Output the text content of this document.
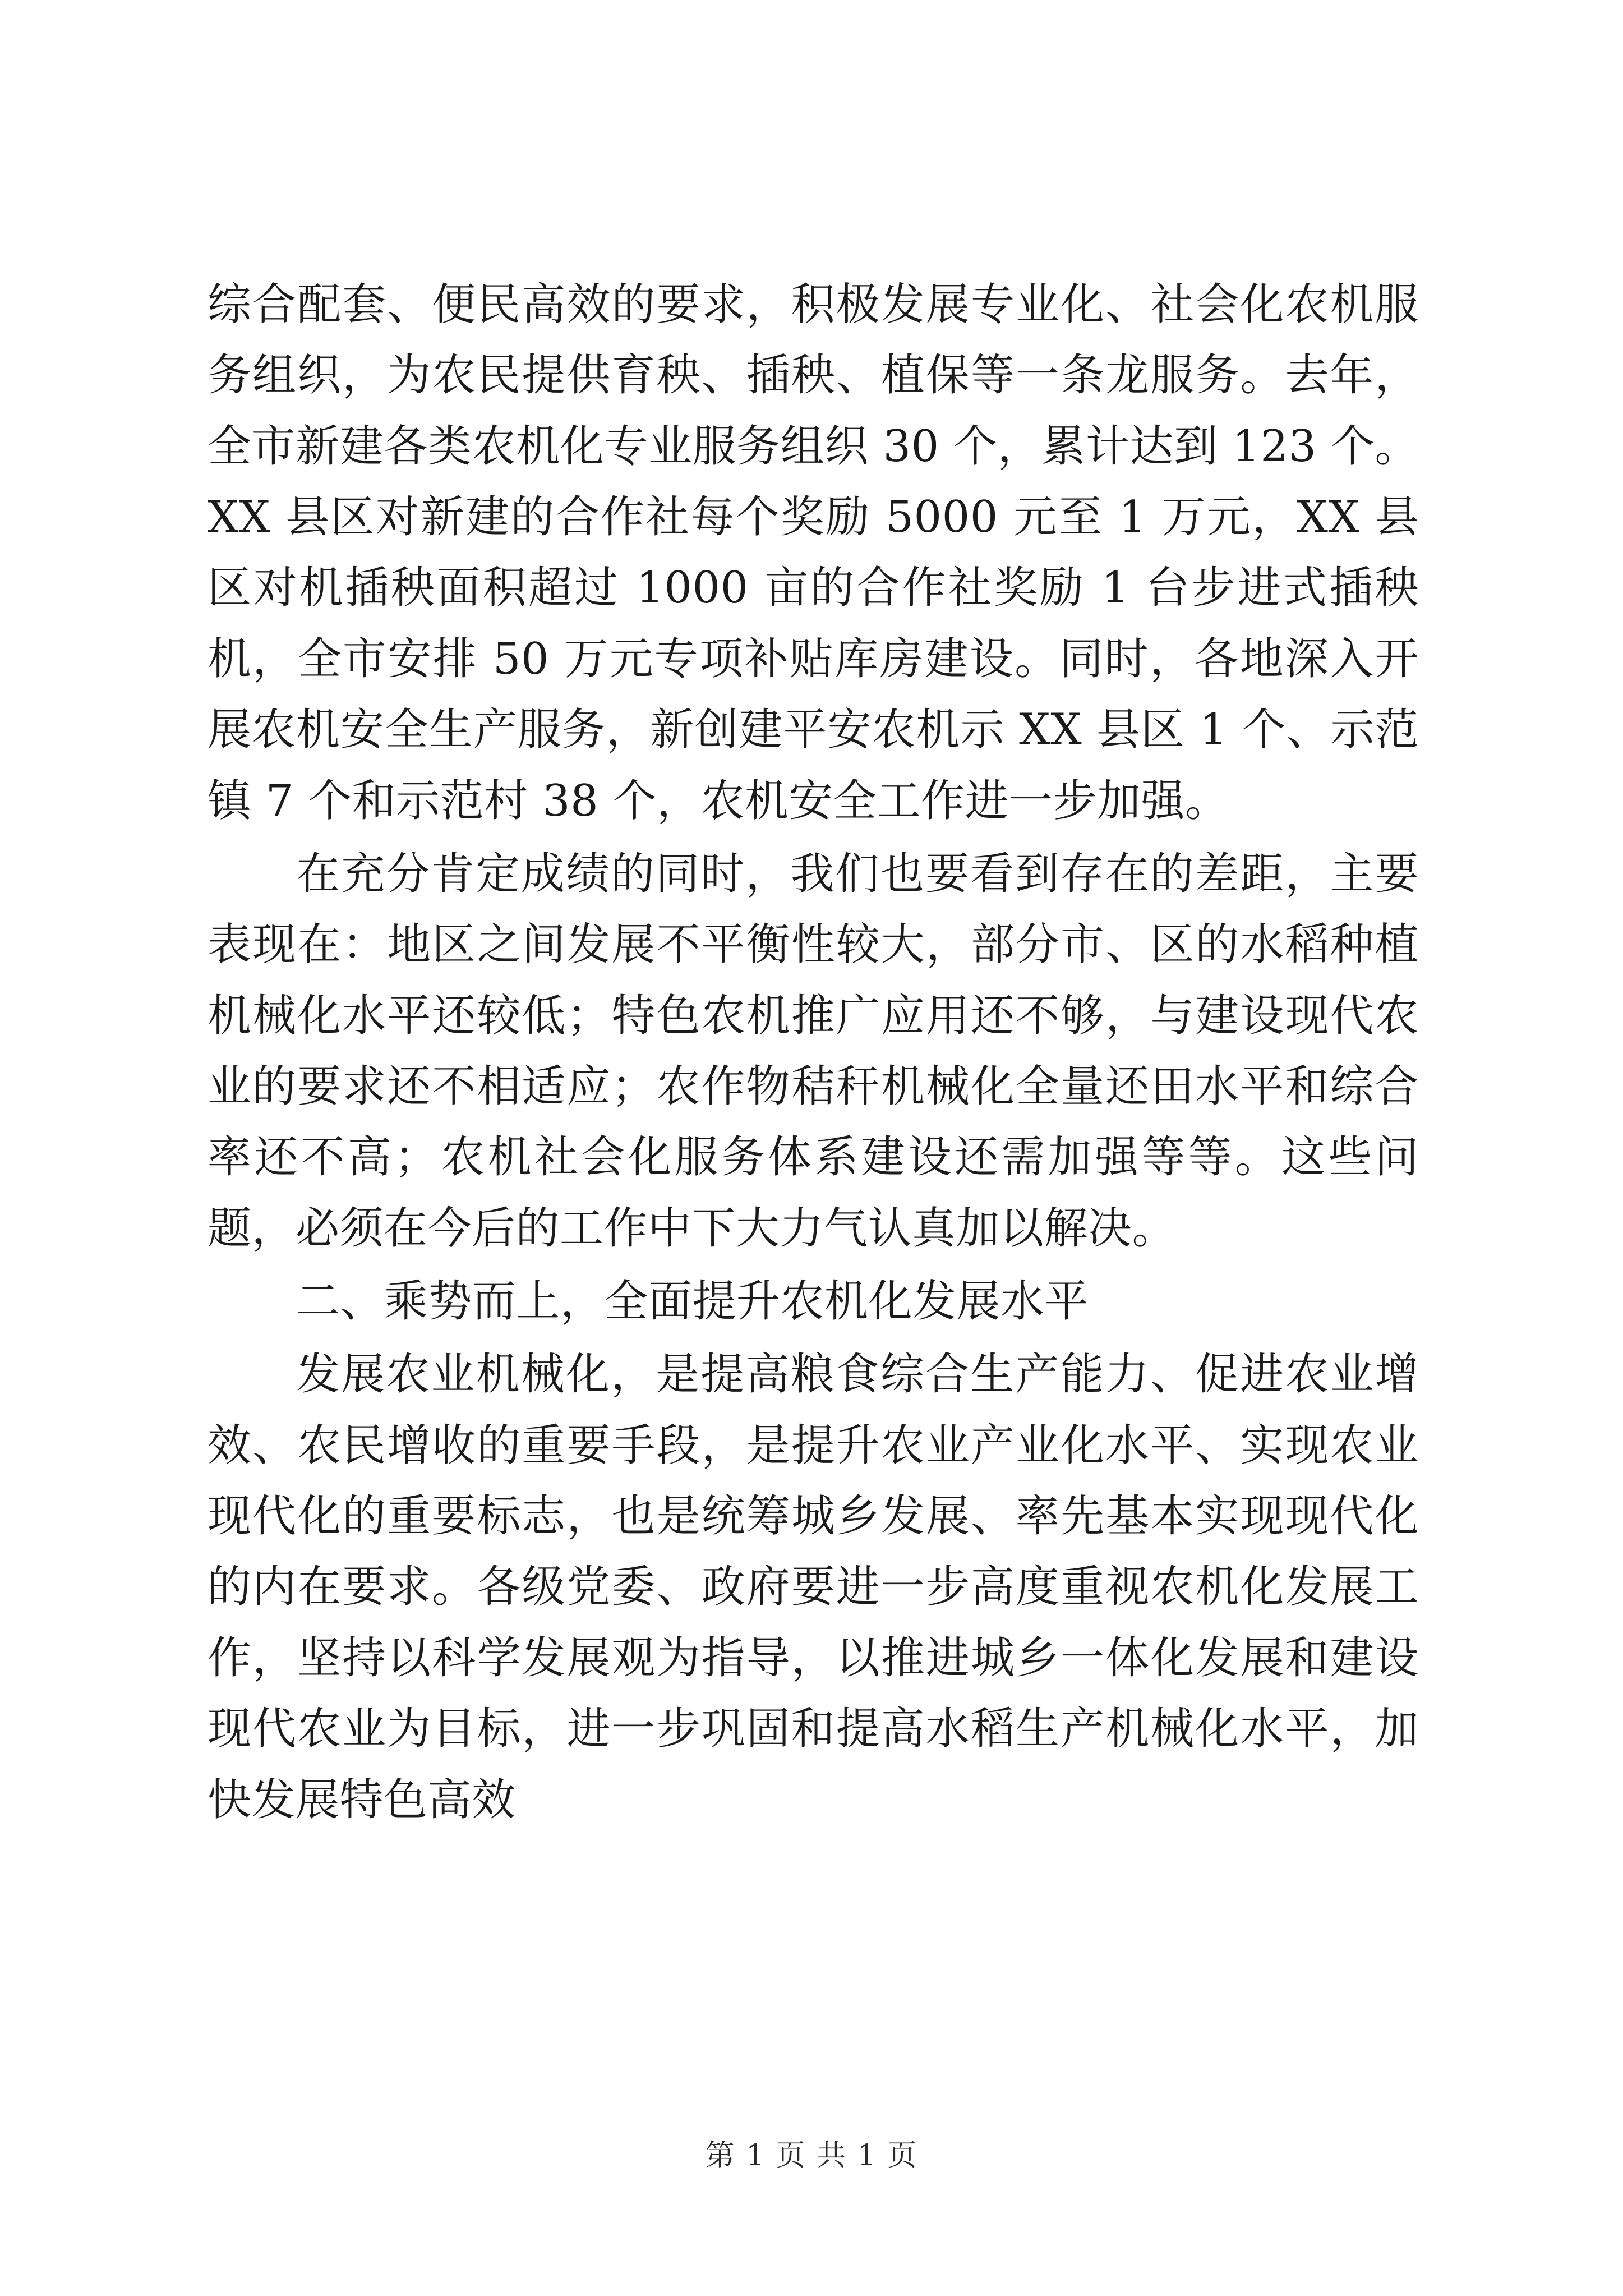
综合配套、便民高效的要求，积极发展专业化、社会化农机服务组织，为农民提供育秧、插秧、植保等一条龙服务。去年，全市新建各类农机化专业服务组织 30 个，累计达到 123 个。XX 县区对新建的合作社每个奖励 5000 元至 1 万元，XX 县区对机插秧面积超过 1000 亩的合作社奖励 1 台步进式插秧机，全市安排 50 万元专项补贴库房建设。同时，各地深入开展农机安全生产服务，新创建平安农机示 XX 县区 1 个、示范镇 7 个和示范村 38 个，农机安全工作进一步加强。

在充分肯定成绩的同时，我们也要看到存在的差距，主要表现在：地区之间发展不平衡性较大，部分市、区的水稻种植机械化水平还较低；特色农机推广应用还不够，与建设现代农业的要求还不相适应；农作物秸秆机械化全量还田水平和综合率还不高；农机社会化服务体系建设还需加强等等。这些问题，必须在今后的工作中下大力气认真加以解决。

二、乘势而上，全面提升农机化发展水平

发展农业机械化，是提高粮食综合生产能力、促进农业增效、农民增收的重要手段，是提升农业产业化水平、实现农业现代化的重要标志，也是统筹城乡发展、率先基本实现现代化的内在要求。各级党委、政府要进一步高度重视农机化发展工作，坚持以科学发展观为指导，以推进城乡一体化发展和建设现代农业为目标，进一步巩固和提高水稻生产机械化水平，加快发展特色高效

第 1 页 共 1 页
